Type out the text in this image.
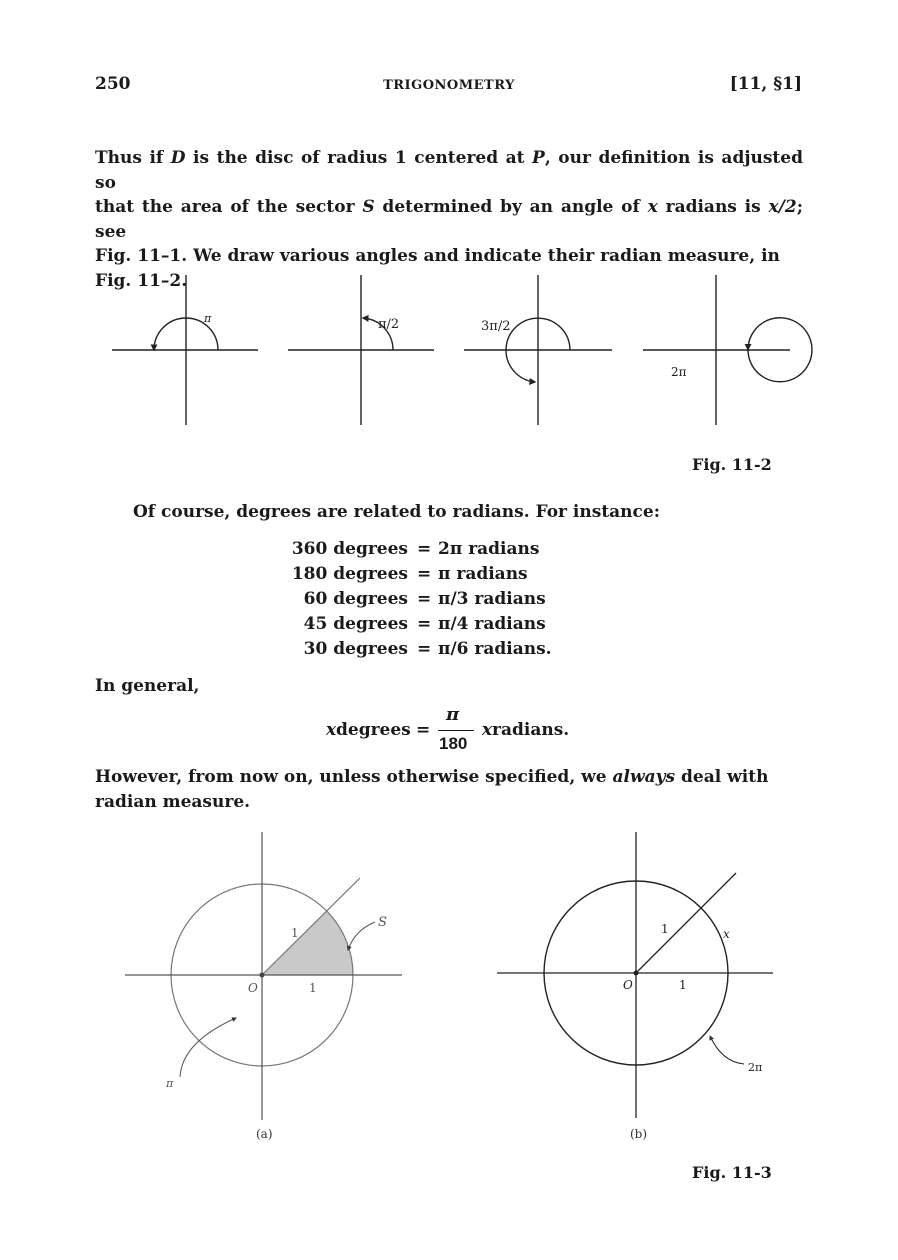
250	TRIGONOMETRY	[11, §1]
Thus if D is the disc of radius 1 centered at P, our definition is adjusted so
that the area of the sector S determined by an angle of x radians is x/2; see
Fig. 11–1. We draw various angles and indicate their radian measure, in
Fig. 11–2.
π	π/2	3π/2
2π
Fig. 11-2
Of course, degrees are related to radians. For instance:
360 degrees = 2π radians
180 degrees = π radians
60 degrees = π/3 radians
45 degrees = π/4 radians
30 degrees = π/6 radians.
In general,
x degrees =
π
180
x radians.
However, from now on, unless otherwise specified, we always deal with
radian measure.
1
1
O
S
π
(a)
1
1
O
x
2π
(b)
Fig. 11-3
